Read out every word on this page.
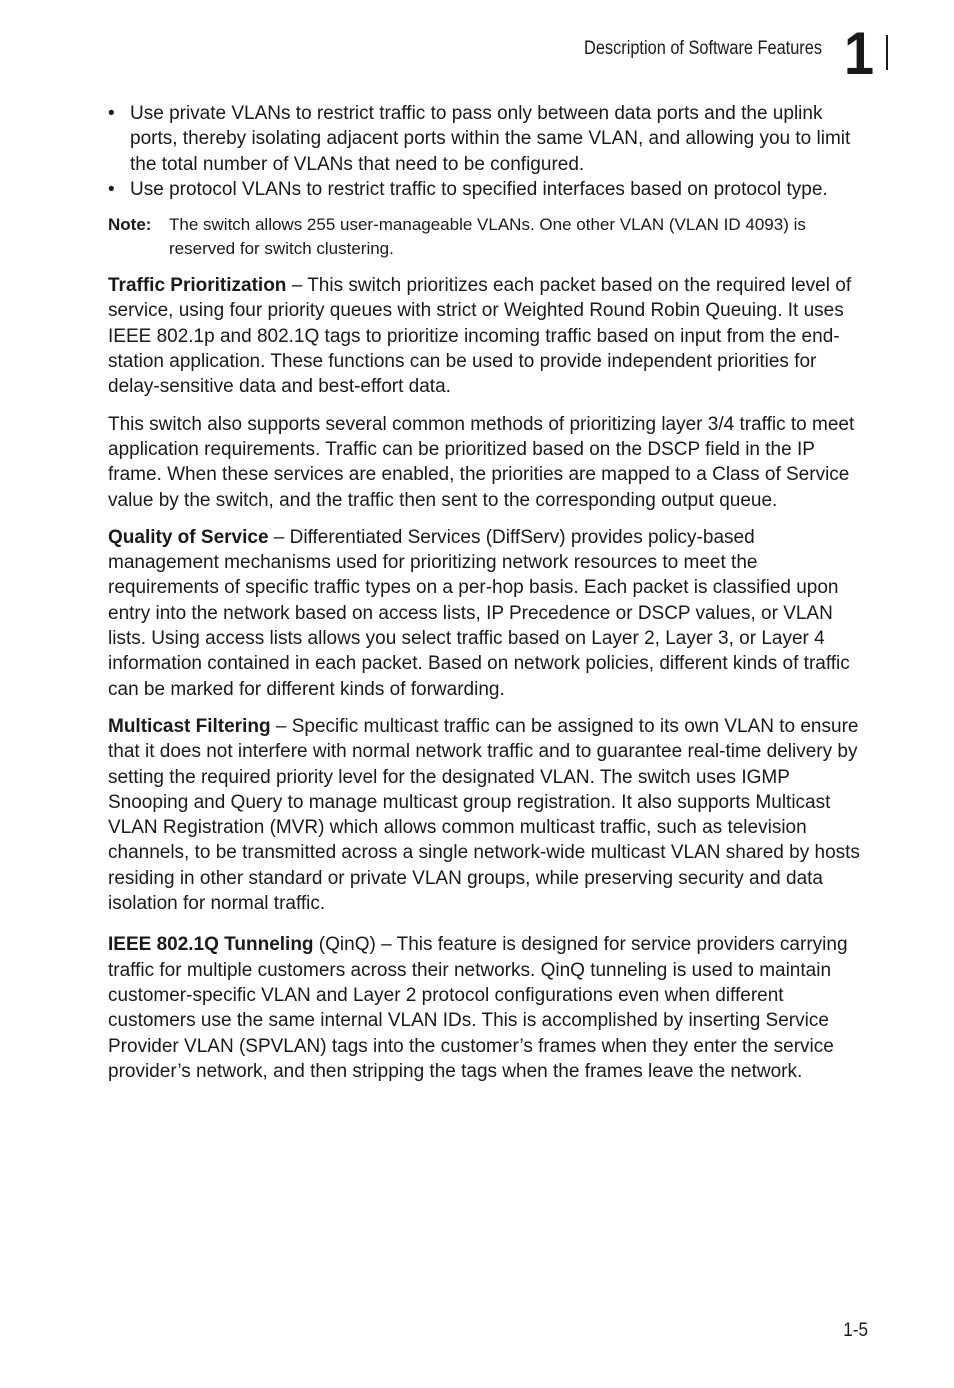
Description of Software Features 1
• Use private VLANs to restrict traffic to pass only between data ports and the uplink ports, thereby isolating adjacent ports within the same VLAN, and allowing you to limit the total number of VLANs that need to be configured.
• Use protocol VLANs to restrict traffic to specified interfaces based on protocol type.
Note:	The switch allows 255 user-manageable VLANs. One other VLAN (VLAN ID 4093) is reserved for switch clustering.

Traffic Prioritization – This switch prioritizes each packet based on the required level of service, using four priority queues with strict or Weighted Round Robin Queuing. It uses IEEE 802.1p and 802.1Q tags to prioritize incoming traffic based on input from the end-station application. These functions can be used to provide independent priorities for delay-sensitive data and best-effort data.

This switch also supports several common methods of prioritizing layer 3/4 traffic to meet application requirements. Traffic can be prioritized based on the DSCP field in the IP frame. When these services are enabled, the priorities are mapped to a Class of Service value by the switch, and the traffic then sent to the corresponding output queue.

Quality of Service – Differentiated Services (DiffServ) provides policy-based management mechanisms used for prioritizing network resources to meet the requirements of specific traffic types on a per-hop basis. Each packet is classified upon entry into the network based on access lists, IP Precedence or DSCP values, or VLAN lists. Using access lists allows you select traffic based on Layer 2, Layer 3, or Layer 4 information contained in each packet. Based on network policies, different kinds of traffic can be marked for different kinds of forwarding.

Multicast Filtering – Specific multicast traffic can be assigned to its own VLAN to ensure that it does not interfere with normal network traffic and to guarantee real-time delivery by setting the required priority level for the designated VLAN. The switch uses IGMP Snooping and Query to manage multicast group registration. It also supports Multicast VLAN Registration (MVR) which allows common multicast traffic, such as television channels, to be transmitted across a single network-wide multicast VLAN shared by hosts residing in other standard or private VLAN groups, while preserving security and data isolation for normal traffic.

IEEE 802.1Q Tunneling (QinQ) – This feature is designed for service providers carrying traffic for multiple customers across their networks. QinQ tunneling is used to maintain customer-specific VLAN and Layer 2 protocol configurations even when different customers use the same internal VLAN IDs. This is accomplished by inserting Service Provider VLAN (SPVLAN) tags into the customer’s frames when they enter the service provider’s network, and then stripping the tags when the frames leave the network.

1-5
